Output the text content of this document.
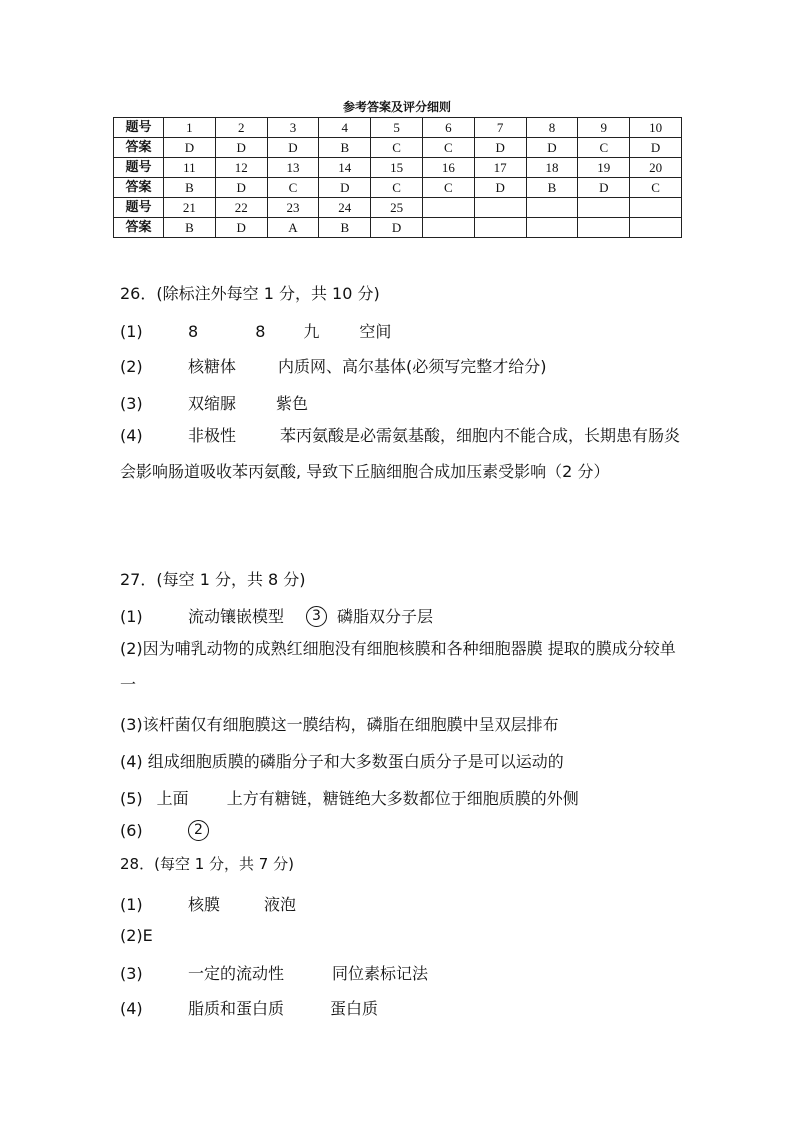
参考答案及评分细则
题号	1	2	3	4	5	6	7	8	9	10
答案	D	D	D	B	C	C	D	D	C	D
题号	11	12	13	14	15	16	17	18	19	20
答案	B	D	C	D	C	C	D	B	D	C
题号	21	22	23	24	25					
答案	B	D	A	B	D					
26．(除标注外每空 1 分，共 10 分)
(1)	8	8 九	空间
(2)	核糖体	内质网、高尔基体(必须写完整才给分)
(3)	双缩脲	紫色
(4)	非极性	苯丙氨酸是必需氨基酸，细胞内不能合成，长期患有肠炎会影响肠道吸收苯丙氨酸, 导致下丘脑细胞合成加压素受影响（2 分）
27．(每空 1 分，共 8 分)
(1)	流动镶嵌模型 3 磷脂双分子层
(2)因为哺乳动物的成熟红细胞没有细胞核膜和各种细胞器膜 提取的膜成分较单一
(3)该杆菌仅有细胞膜这一膜结构，磷脂在细胞膜中呈双层排布
(4) 组成细胞质膜的磷脂分子和大多数蛋白质分子是可以运动的
(5) 上面 上方有糖链，糖链绝大多数都位于细胞质膜的外侧
(6)	2
28．(每空 1 分，共 7 分)
(1)	核膜	液泡
(2)E
(3)	一定的流动性	同位素标记法
(4)	脂质和蛋白质	蛋白质
